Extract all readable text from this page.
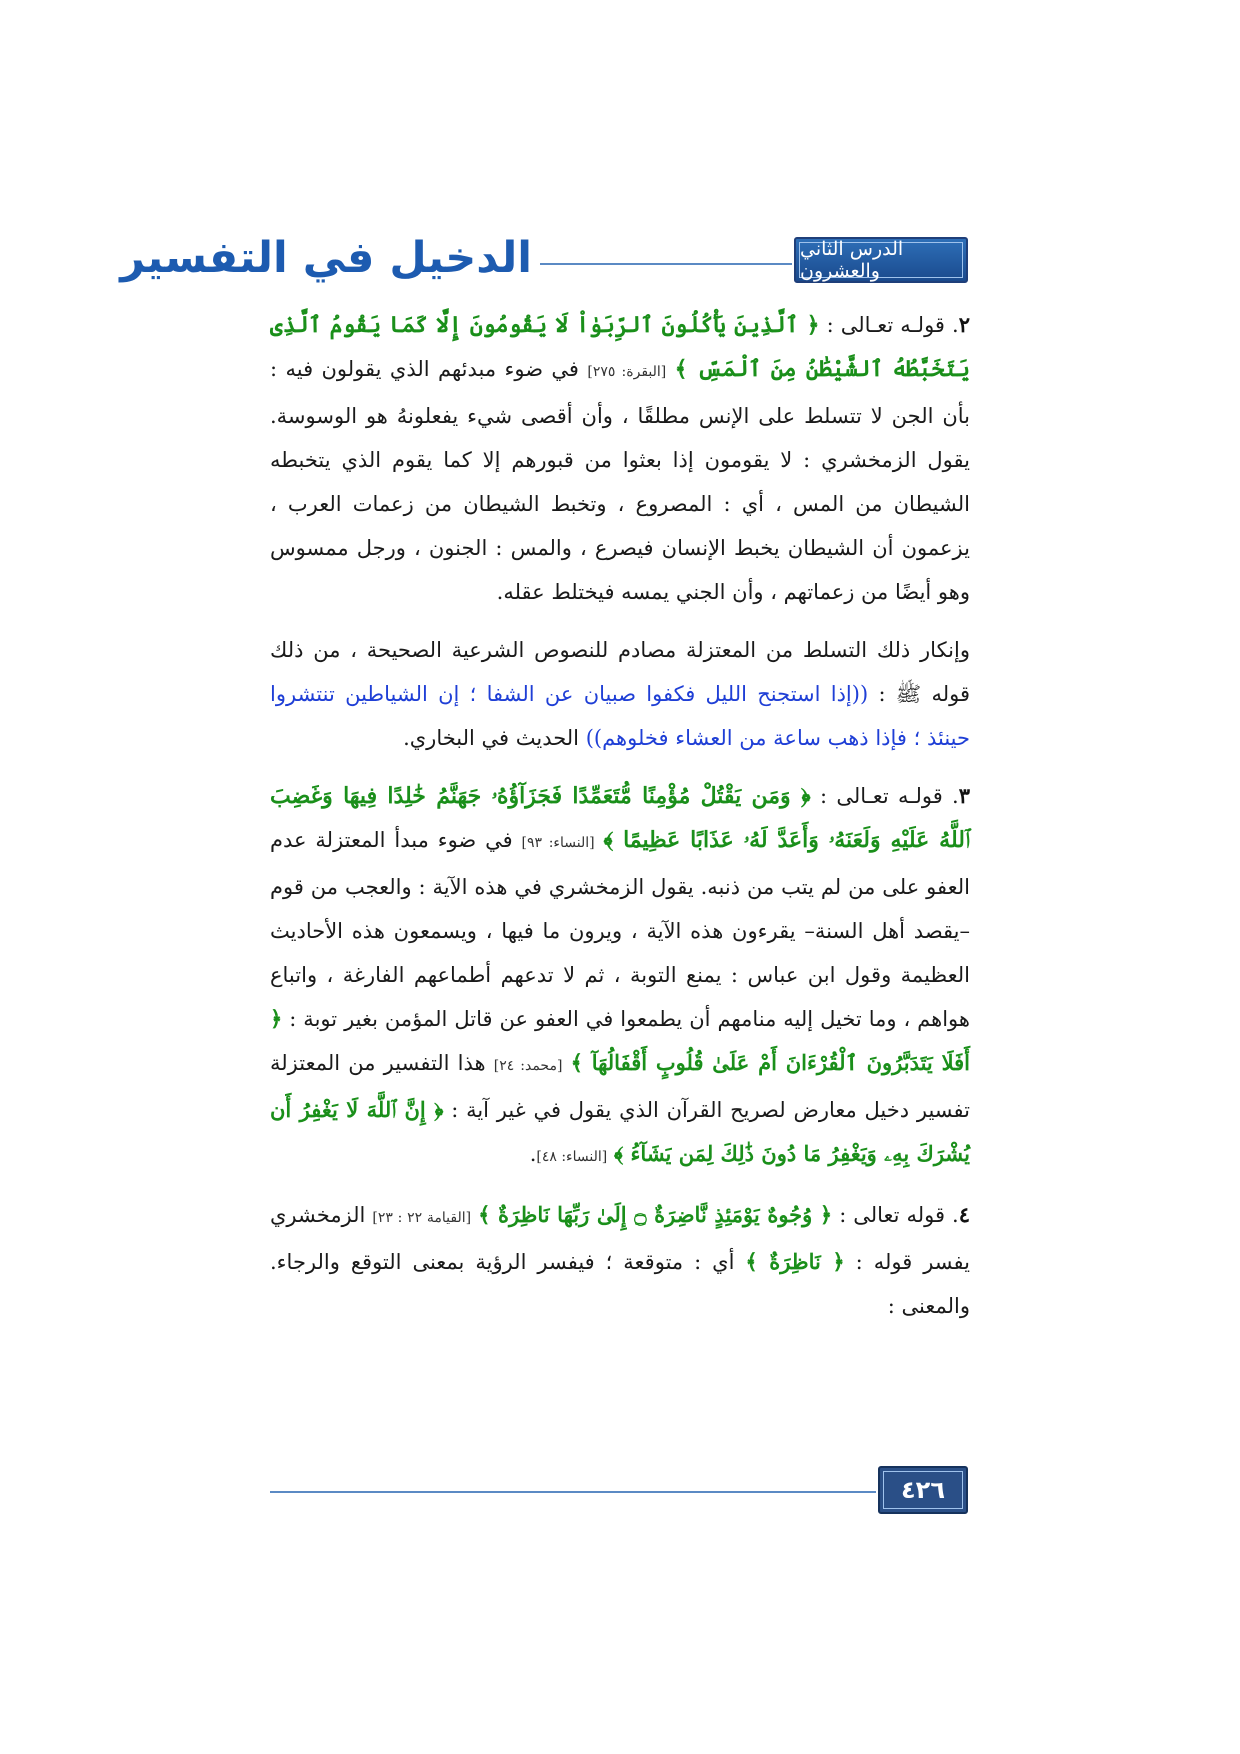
الدرس الثاني والعشرون
الدخيل في التفسير

٢. قولـه تعـالى : ﴿ ٱلَّذِينَ يَأْكُلُونَ ٱلرِّبَوٰاْ لَا يَقُومُونَ إِلَّا كَمَا يَقُومُ ٱلَّذِى يَتَخَبَّطُهُ ٱلشَّيْطَٰنُ مِنَ ٱلْمَسِّ ﴾ [البقرة: ٢٧٥] في ضوء مبدئهم الذي يقولون فيه : بأن الجن لا تتسلط على الإنس مطلقًا ، وأن أقصى شيء يفعلونهُ هو الوسوسة. يقول الزمخشري : لا يقومون إذا بعثوا من قبورهم إلا كما يقوم الذي يتخبطه الشيطان من المس ، أي : المصروع ، وتخبط الشيطان من زعمات العرب ، يزعمون أن الشيطان يخبط الإنسان فيصرع ، والمس : الجنون ، ورجل ممسوس وهو أيضًا من زعماتهم ، وأن الجني يمسه فيختلط عقله.

وإنكار ذلك التسلط من المعتزلة مصادم للنصوص الشرعية الصحيحة ، من ذلك قوله ﷺ : ((إذا استجنح الليل فكفوا صبيان عن الشفا ؛ إن الشياطين تنتشروا حينئذ ؛ فإذا ذهب ساعة من العشاء فخلوهم)) الحديث في البخاري.

٣. قولـه تعـالى : ﴿ وَمَن يَقْتُلْ مُؤْمِنًا مُّتَعَمِّدًا فَجَزَآؤُهُۥ جَهَنَّمُ خَٰلِدًا فِيهَا وَغَضِبَ ٱللَّهُ عَلَيْهِ وَلَعَنَهُۥ وَأَعَدَّ لَهُۥ عَذَابًا عَظِيمًا ﴾ [النساء: ٩٣] في ضوء مبدأ المعتزلة عدم العفو على من لم يتب من ذنبه. يقول الزمخشري في هذه الآية : والعجب من قوم –يقصد أهل السنة– يقرءون هذه الآية ، ويرون ما فيها ، ويسمعون هذه الأحاديث العظيمة وقول ابن عباس : يمنع التوبة ، ثم لا تدعهم أطماعهم الفارغة ، واتباع هواهم ، وما تخيل إليه منامهم أن يطمعوا في العفو عن قاتل المؤمن بغير توبة : ﴿ أَفَلَا يَتَدَبَّرُونَ ٱلْقُرْءَانَ أَمْ عَلَىٰ قُلُوبٍ أَقْفَالُهَآ ﴾ [محمد: ٢٤] هذا التفسير من المعتزلة تفسير دخيل معارض لصريح القرآن الذي يقول في غير آية : ﴿ إِنَّ ٱللَّهَ لَا يَغْفِرُ أَن يُشْرَكَ بِهِۦ وَيَغْفِرُ مَا دُونَ ذَٰلِكَ لِمَن يَشَآءُ ﴾ [النساء: ٤٨].

٤. قوله تعالى : ﴿ وُجُوهٌ يَوْمَئِذٍ نَّاضِرَةٌ ۝ إِلَىٰ رَبِّهَا نَاظِرَةٌ ﴾ [القيامة ٢٢ : ٢٣] الزمخشري يفسر قوله : ﴿ نَاظِرَةٌ ﴾ أي : متوقعة ؛ فيفسر الرؤية بمعنى التوقع والرجاء. والمعنى :

٤٢٦
